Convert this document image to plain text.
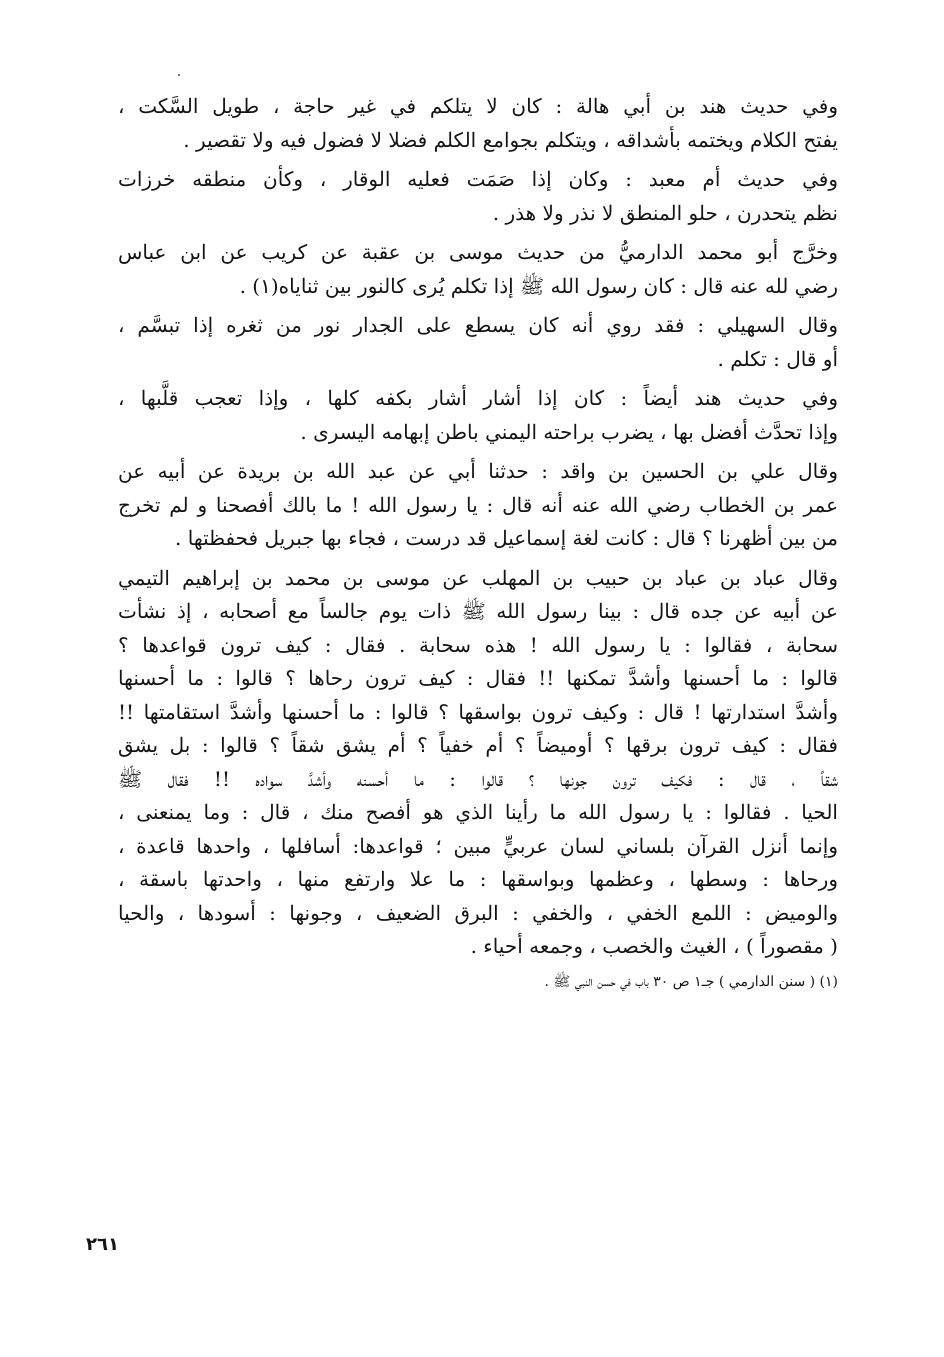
وفي حديث هند بن أبي هالة : كان لا يتلكم في غير حاجة ، طويل السَّكت ،
يفتح الكلام ويختمه بأشداقه ، ويتكلم بجوامع الكلم فضلا لا فضول فيه ولا تقصير .
وفي حديث أم معبد : وكان إذا صَمَت فعليه الوقار ، وكأن منطقه خرزات
نظم يتحدرن ، حلو المنطق لا نذر ولا هذر .
وخرَّج أبو محمد الدارميُّ من حديث موسى بن عقبة عن كريب عن ابن عباس
رضي لله عنه قال : كان رسول الله ﷺ إذا تكلم يُرى كالنور بين ثناياه(١) .
وقال السهيلي : فقد روي أنه كان يسطع على الجدار نور من ثغره إذا تبسَّم ،
أو قال : تكلم .
وفي حديث هند أيضاً : كان إذا أشار أشار بكفه كلها ، وإذا تعجب قلَّبها ،
وإذا تحدَّث أفضل بها ، يضرب براحته اليمني باطن إبهامه اليسرى .
وقال علي بن الحسين بن واقد : حدثنا أبي عن عبد الله بن بريدة عن أبيه عن
عمر بن الخطاب رضي الله عنه أنه قال : يا رسول الله ! ما بالك أفصحنا و لم تخرج
من بين أظهرنا ؟ قال : كانت لغة إسماعيل قد درست ، فجاء بها جبريل فحفظتها .
وقال عباد بن عباد بن حبيب بن المهلب عن موسى بن محمد بن إبراهيم التيمي
عن أبيه عن جده قال : بينا رسول الله ﷺ ذات يوم جالساً مع أصحابه ، إذ نشأت
سحابة ، فقالوا : يا رسول الله ! هذه سحابة . فقال : كيف ترون قواعدها ؟
قالوا : ما أحسنها وأشدَّ تمكنها !! فقال : كيف ترون رحاها ؟ قالوا : ما أحسنها
وأشدَّ استدارتها ! قال : وكيف ترون بواسقها ؟ قالوا : ما أحسنها وأشدَّ استقامتها !!
فقال : كيف ترون برقها ؟ أوميضاً ؟ أم خفياً ؟ أم يشق شقاً ؟ قالوا : بل يشق
شقاً ، قال : فكيف ترون جونها ؟ قالوا : ما أحسنه وأشدَّ سواده !! فقال ﷺ
الحيا . فقالوا : يا رسول الله ما رأينا الذي هو أفصح منك ، قال : وما يمنعنى ،
وإنما أنزل القرآن بلساني لسان عربيٍّ مبين ؛ قواعدها: أسافلها ، واحدها قاعدة ،
ورحاها : وسطها ، وعظمها وبواسقها : ما علا وارتفع منها ، واحدتها باسقة ،
والوميض : اللمع الخفي ، والخفي : البرق الضعيف ، وجونها : أسودها ، والحيا
( مقصوراً ) ، الغيث والخصب ، وجمعه أحياء .
(١) ( سنن الدارمي ) جـ١ ص ٣٠ باب في حسن النبي ﷺ .
٢٦١
